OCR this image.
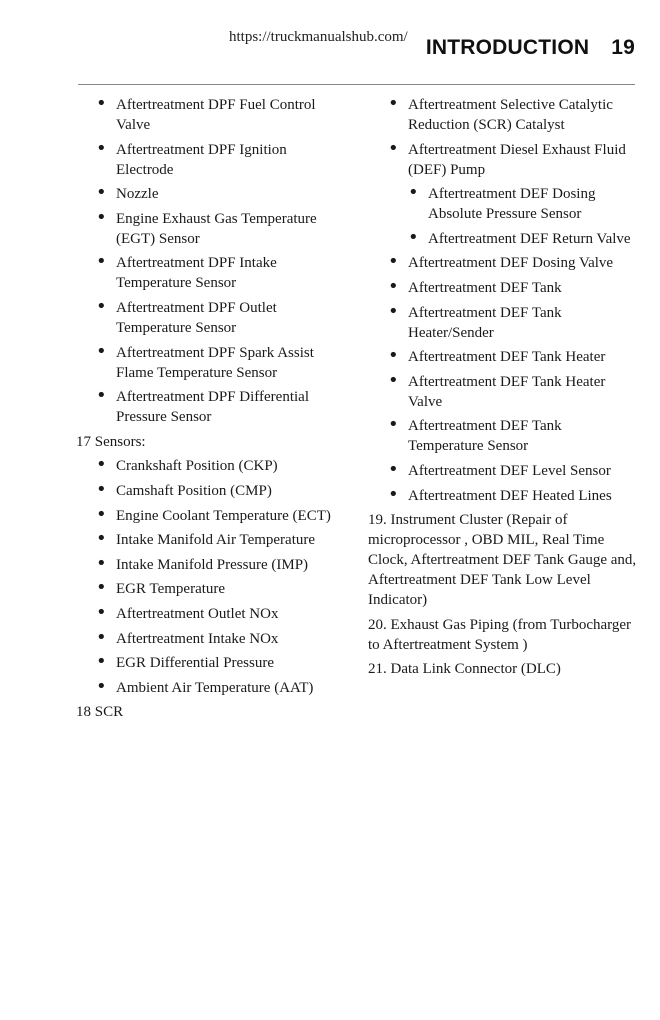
https://truckmanualshub.com/ INTRODUCTION 19
• Aftertreatment DPF Fuel Control Valve
• Aftertreatment DPF Ignition Electrode
• Nozzle
• Engine Exhaust Gas Temperature (EGT) Sensor
• Aftertreatment DPF Intake Temperature Sensor
• Aftertreatment DPF Outlet Temperature Sensor
• Aftertreatment DPF Spark Assist Flame Temperature Sensor
• Aftertreatment DPF Differential Pressure Sensor
17 Sensors:
• Crankshaft Position (CKP)
• Camshaft Position (CMP)
• Engine Coolant Temperature (ECT)
• Intake Manifold Air Temperature
• Intake Manifold Pressure (IMP)
• EGR Temperature
• Aftertreatment Outlet NOx
• Aftertreatment Intake NOx
• EGR Differential Pressure
• Ambient Air Temperature (AAT)
18 SCR
• Aftertreatment Selective Catalytic Reduction (SCR) Catalyst
• Aftertreatment Diesel Exhaust Fluid (DEF) Pump
• Aftertreatment DEF Dosing Absolute Pressure Sensor
• Aftertreatment DEF Return Valve
• Aftertreatment DEF Dosing Valve
• Aftertreatment DEF Tank
• Aftertreatment DEF Tank Heater/Sender
• Aftertreatment DEF Tank Heater
• Aftertreatment DEF Tank Heater Valve
• Aftertreatment DEF Tank Temperature Sensor
• Aftertreatment DEF Level Sensor
• Aftertreatment DEF Heated Lines
19. Instrument Cluster (Repair of microprocessor , OBD MIL, Real Time Clock, Aftertreatment DEF Tank Gauge and, Aftertreatment DEF Tank Low Level Indicator)
20. Exhaust Gas Piping (from Turbocharger to Aftertreatment System )
21. Data Link Connector (DLC)
